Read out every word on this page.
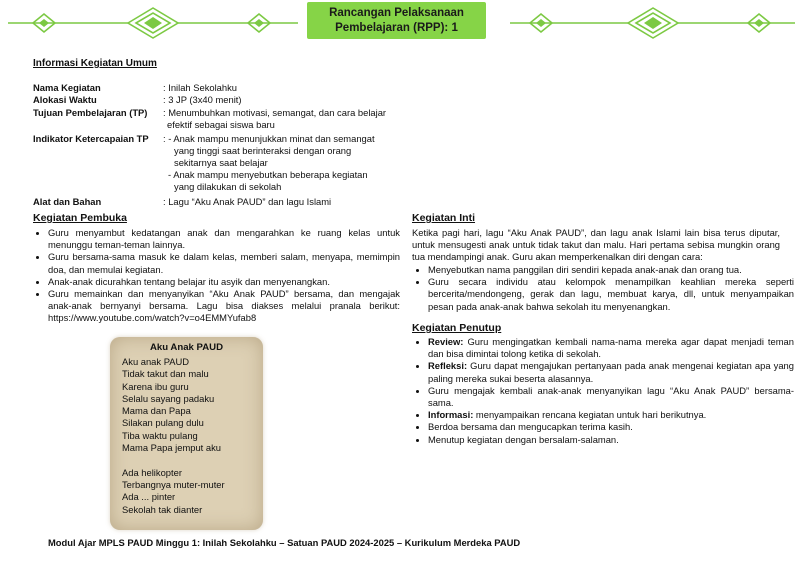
Rancangan Pelaksanaan
Pembelajaran (RPP): 1
Informasi Kegiatan Umum
Nama Kegiatan	: Inilah Sekolahku
Alokasi Waktu	: 3 JP (3x40 menit)
Tujuan Pembelajaran (TP) : Menumbuhkan motivasi, semangat, dan cara belajar
efektif sebagai siswa baru
Indikator Ketercapaian TP : - Anak mampu menunjukkan minat dan semangat
yang tinggi saat berinteraksi dengan orang
sekitarnya saat belajar
- Anak mampu menyebutkan beberapa kegiatan
yang dilakukan di sekolah
Alat dan Bahan	: Lagu “Aku Anak PAUD” dan lagu Islami
Kegiatan Pembuka
• Guru menyambut kedatangan anak dan mengarahkan ke ruang kelas untuk menunggu teman-teman lainnya.
• Guru bersama-sama masuk ke dalam kelas, memberi salam, menyapa, memimpin doa, dan memulai kegiatan.
• Anak-anak dicurahkan tentang belajar itu asyik dan menyenangkan.
• Guru memainkan dan menyanyikan “Aku Anak PAUD” bersama, dan mengajak anak-anak bernyanyi bersama. Lagu bisa diakses melalui pranala berikut: https://www.youtube.com/watch?v=o4EMMYufab8
Aku Anak PAUD
Aku anak PAUD
Tidak takut dan malu
Karena ibu guru
Selalu sayang padaku
Mama dan Papa
Silakan pulang dulu
Tiba waktu pulang
Mama Papa jemput aku
Ada helikopter
Terbangnya muter-muter
Ada ... pinter
Sekolah tak dianter
Kegiatan Inti
Ketika pagi hari, lagu “Aku Anak PAUD”, dan lagu anak Islami lain bisa terus diputar, untuk mensugesti anak untuk tidak takut dan malu. Hari pertama sebisa mungkin orang tua mendampingi anak. Guru akan memperkenalkan diri dengan cara:
• Menyebutkan nama panggilan diri sendiri kepada anak-anak dan orang tua.
• Guru secara individu atau kelompok menampilkan keahlian mereka seperti berceritа/mendongeng, gerak dan lagu, membuat karya, dll, untuk menyampaikan pesan pada anak-anak bahwa sekolah itu menyenangkan.
Kegiatan Penutup
• Review: Guru mengingatkan kembali nama-nama mereka agar dapat menjadi teman dan bisa dimintai tolong ketika di sekolah.
• Refleksi: Guru dapat mengajukan pertanyaan pada anak mengenai kegiatan apa yang paling mereka sukai beserta alasannya.
• Guru mengajak kembali anak-anak menyanyikan lagu “Aku Anak PAUD” bersama-sama.
• Informasi: menyampaikan rencana kegiatan untuk hari berikutnya.
• Berdoa bersama dan mengucapkan terima kasih.
• Menutup kegiatan dengan bersalam-salaman.
Modul Ajar MPLS PAUD Minggu 1: Inilah Sekolahku – Satuan PAUD 2024-2025 – Kurikulum Merdeka PAUD
